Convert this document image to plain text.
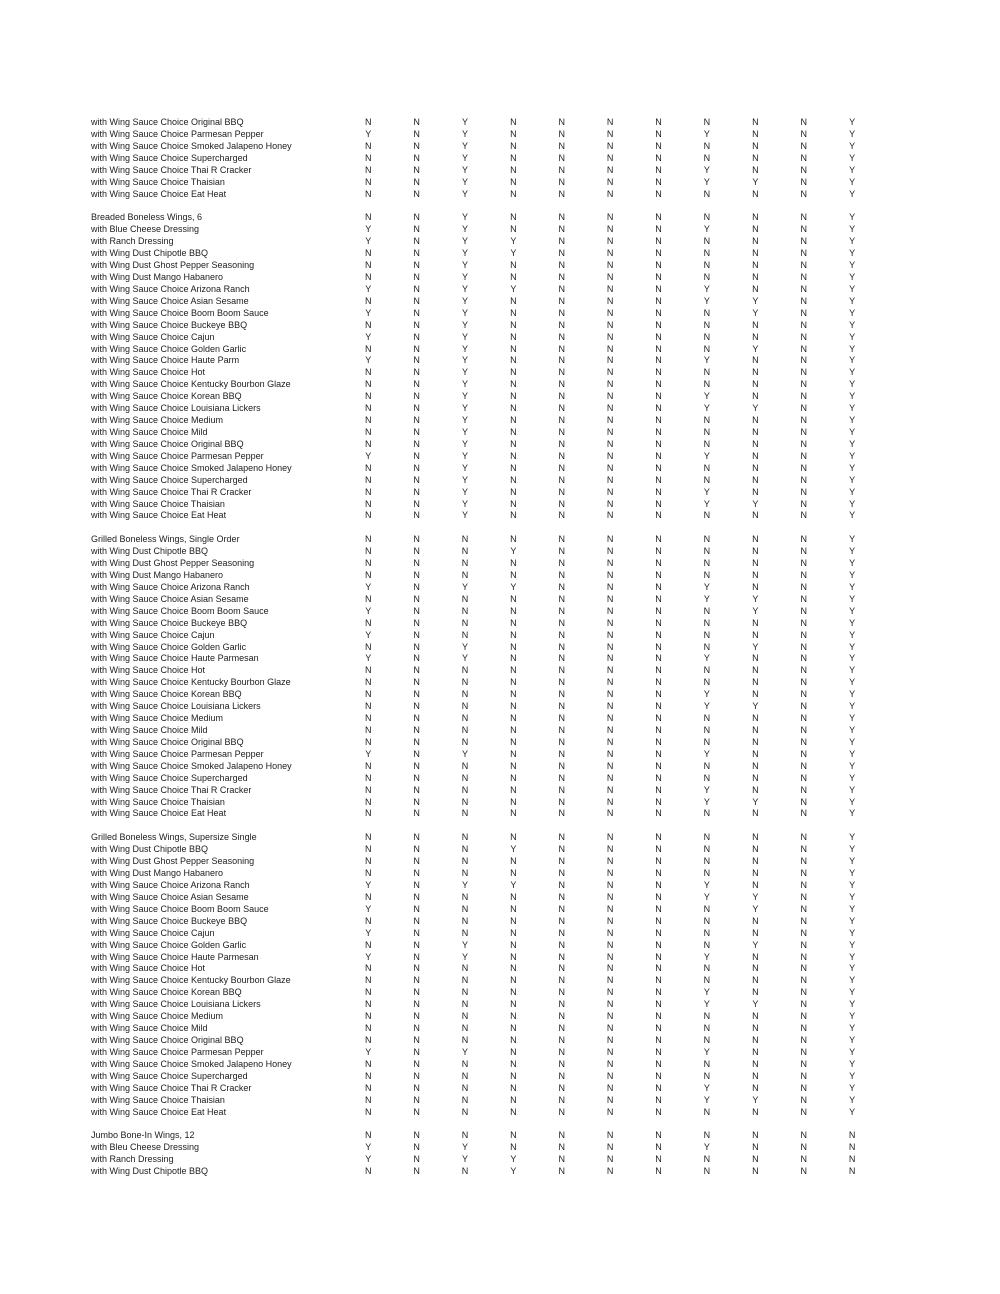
with Wing Sauce Choice Original BBQ	N	N	Y	N	N	N	N	N	N	N	Y
with Wing Sauce Choice Parmesan Pepper	Y	N	Y	N	N	N	N	Y	N	N	Y
with Wing Sauce Choice Smoked Jalapeno Honey	N	N	Y	N	N	N	N	N	N	N	Y
with Wing Sauce Choice Supercharged	N	N	Y	N	N	N	N	N	N	N	Y
with Wing Sauce Choice Thai R Cracker	N	N	Y	N	N	N	N	Y	N	N	Y
with Wing Sauce Choice Thaisian	N	N	Y	N	N	N	N	Y	Y	N	Y
with Wing Sauce Choice Eat Heat	N	N	Y	N	N	N	N	N	N	N	Y
Breaded Boneless Wings, 6	N	N	Y	N	N	N	N	N	N	N	Y
with Blue Cheese Dressing	Y	N	Y	N	N	N	N	Y	N	N	Y
with Ranch Dressing	Y	N	Y	Y	N	N	N	N	N	N	Y
with Wing Dust Chipotle BBQ	N	N	Y	Y	N	N	N	N	N	N	Y
with Wing Dust Ghost Pepper Seasoning	N	N	Y	N	N	N	N	N	N	N	Y
with Wing Dust Mango Habanero	N	N	Y	N	N	N	N	N	N	N	Y
with Wing Sauce Choice Arizona Ranch	Y	N	Y	Y	N	N	N	Y	N	N	Y
with Wing Sauce Choice Asian Sesame	N	N	Y	N	N	N	N	Y	Y	N	Y
with Wing Sauce Choice Boom Boom Sauce	Y	N	Y	N	N	N	N	N	Y	N	Y
with Wing Sauce Choice Buckeye BBQ	N	N	Y	N	N	N	N	N	N	N	Y
with Wing Sauce Choice Cajun	Y	N	Y	N	N	N	N	N	N	N	Y
with Wing Sauce Choice Golden Garlic	N	N	Y	N	N	N	N	N	Y	N	Y
with Wing Sauce Choice Haute Parm	Y	N	Y	N	N	N	N	Y	N	N	Y
with Wing Sauce Choice Hot	N	N	Y	N	N	N	N	N	N	N	Y
with Wing Sauce Choice Kentucky Bourbon Glaze	N	N	Y	N	N	N	N	N	N	N	Y
with Wing Sauce Choice Korean BBQ	N	N	Y	N	N	N	N	Y	N	N	Y
with Wing Sauce Choice Louisiana Lickers	N	N	Y	N	N	N	N	Y	Y	N	Y
with Wing Sauce Choice Medium	N	N	Y	N	N	N	N	N	N	N	Y
with Wing Sauce Choice Mild	N	N	Y	N	N	N	N	N	N	N	Y
with Wing Sauce Choice Original BBQ	N	N	Y	N	N	N	N	N	N	N	Y
with Wing Sauce Choice Parmesan Pepper	Y	N	Y	N	N	N	N	Y	N	N	Y
with Wing Sauce Choice Smoked Jalapeno Honey	N	N	Y	N	N	N	N	N	N	N	Y
with Wing Sauce Choice Supercharged	N	N	Y	N	N	N	N	N	N	N	Y
with Wing Sauce Choice Thai R Cracker	N	N	Y	N	N	N	N	Y	N	N	Y
with Wing Sauce Choice Thaisian	N	N	Y	N	N	N	N	Y	Y	N	Y
with Wing Sauce Choice Eat Heat	N	N	Y	N	N	N	N	N	N	N	Y
Grilled Boneless Wings, Single Order	N	N	N	N	N	N	N	N	N	N	Y
with Wing Dust Chipotle BBQ	N	N	N	Y	N	N	N	N	N	N	Y
with Wing Dust Ghost Pepper Seasoning	N	N	N	N	N	N	N	N	N	N	Y
with Wing Dust Mango Habanero	N	N	N	N	N	N	N	N	N	N	Y
with Wing Sauce Choice Arizona Ranch	Y	N	Y	Y	N	N	N	Y	N	N	Y
with Wing Sauce Choice Asian Sesame	N	N	N	N	N	N	N	Y	Y	N	Y
with Wing Sauce Choice Boom Boom Sauce	Y	N	N	N	N	N	N	N	Y	N	Y
with Wing Sauce Choice Buckeye BBQ	N	N	N	N	N	N	N	N	N	N	Y
with Wing Sauce Choice Cajun	Y	N	N	N	N	N	N	N	N	N	Y
with Wing Sauce Choice Golden Garlic	N	N	Y	N	N	N	N	N	Y	N	Y
with Wing Sauce Choice Haute Parmesan	Y	N	Y	N	N	N	N	Y	N	N	Y
with Wing Sauce Choice Hot	N	N	N	N	N	N	N	N	N	N	Y
with Wing Sauce Choice Kentucky Bourbon Glaze	N	N	N	N	N	N	N	N	N	N	Y
with Wing Sauce Choice Korean BBQ	N	N	N	N	N	N	N	Y	N	N	Y
with Wing Sauce Choice Louisiana Lickers	N	N	N	N	N	N	N	Y	Y	N	Y
with Wing Sauce Choice Medium	N	N	N	N	N	N	N	N	N	N	Y
with Wing Sauce Choice Mild	N	N	N	N	N	N	N	N	N	N	Y
with Wing Sauce Choice Original BBQ	N	N	N	N	N	N	N	N	N	N	Y
with Wing Sauce Choice Parmesan Pepper	Y	N	Y	N	N	N	N	Y	N	N	Y
with Wing Sauce Choice Smoked Jalapeno Honey	N	N	N	N	N	N	N	N	N	N	Y
with Wing Sauce Choice Supercharged	N	N	N	N	N	N	N	N	N	N	Y
with Wing Sauce Choice Thai R Cracker	N	N	N	N	N	N	N	Y	N	N	Y
with Wing Sauce Choice Thaisian	N	N	N	N	N	N	N	Y	Y	N	Y
with Wing Sauce Choice Eat Heat	N	N	N	N	N	N	N	N	N	N	Y
Grilled Boneless Wings, Supersize Single	N	N	N	N	N	N	N	N	N	N	Y
with Wing Dust Chipotle BBQ	N	N	N	Y	N	N	N	N	N	N	Y
with Wing Dust Ghost Pepper Seasoning	N	N	N	N	N	N	N	N	N	N	Y
with Wing Dust Mango Habanero	N	N	N	N	N	N	N	N	N	N	Y
with Wing Sauce Choice Arizona Ranch	Y	N	Y	Y	N	N	N	Y	N	N	Y
with Wing Sauce Choice Asian Sesame	N	N	N	N	N	N	N	Y	Y	N	Y
with Wing Sauce Choice Boom Boom Sauce	Y	N	N	N	N	N	N	N	Y	N	Y
with Wing Sauce Choice Buckeye BBQ	N	N	N	N	N	N	N	N	N	N	Y
with Wing Sauce Choice Cajun	Y	N	N	N	N	N	N	N	N	N	Y
with Wing Sauce Choice Golden Garlic	N	N	Y	N	N	N	N	N	Y	N	Y
with Wing Sauce Choice Haute Parmesan	Y	N	Y	N	N	N	N	Y	N	N	Y
with Wing Sauce Choice Hot	N	N	N	N	N	N	N	N	N	N	Y
with Wing Sauce Choice Kentucky Bourbon Glaze	N	N	N	N	N	N	N	N	N	N	Y
with Wing Sauce Choice Korean BBQ	N	N	N	N	N	N	N	Y	N	N	Y
with Wing Sauce Choice Louisiana Lickers	N	N	N	N	N	N	N	Y	Y	N	Y
with Wing Sauce Choice Medium	N	N	N	N	N	N	N	N	N	N	Y
with Wing Sauce Choice Mild	N	N	N	N	N	N	N	N	N	N	Y
with Wing Sauce Choice Original BBQ	N	N	N	N	N	N	N	N	N	N	Y
with Wing Sauce Choice Parmesan Pepper	Y	N	Y	N	N	N	N	Y	N	N	Y
with Wing Sauce Choice Smoked Jalapeno Honey	N	N	N	N	N	N	N	N	N	N	Y
with Wing Sauce Choice Supercharged	N	N	N	N	N	N	N	N	N	N	Y
with Wing Sauce Choice Thai R Cracker	N	N	N	N	N	N	N	Y	N	N	Y
with Wing Sauce Choice Thaisian	N	N	N	N	N	N	N	Y	Y	N	Y
with Wing Sauce Choice Eat Heat	N	N	N	N	N	N	N	N	N	N	Y
Jumbo Bone-In Wings, 12	N	N	N	N	N	N	N	N	N	N	N
with Bleu Cheese Dressing	Y	N	Y	N	N	N	N	Y	N	N	N
with Ranch Dressing	Y	N	Y	Y	N	N	N	N	N	N	N
with Wing Dust Chipotle BBQ	N	N	N	Y	N	N	N	N	N	N	N
